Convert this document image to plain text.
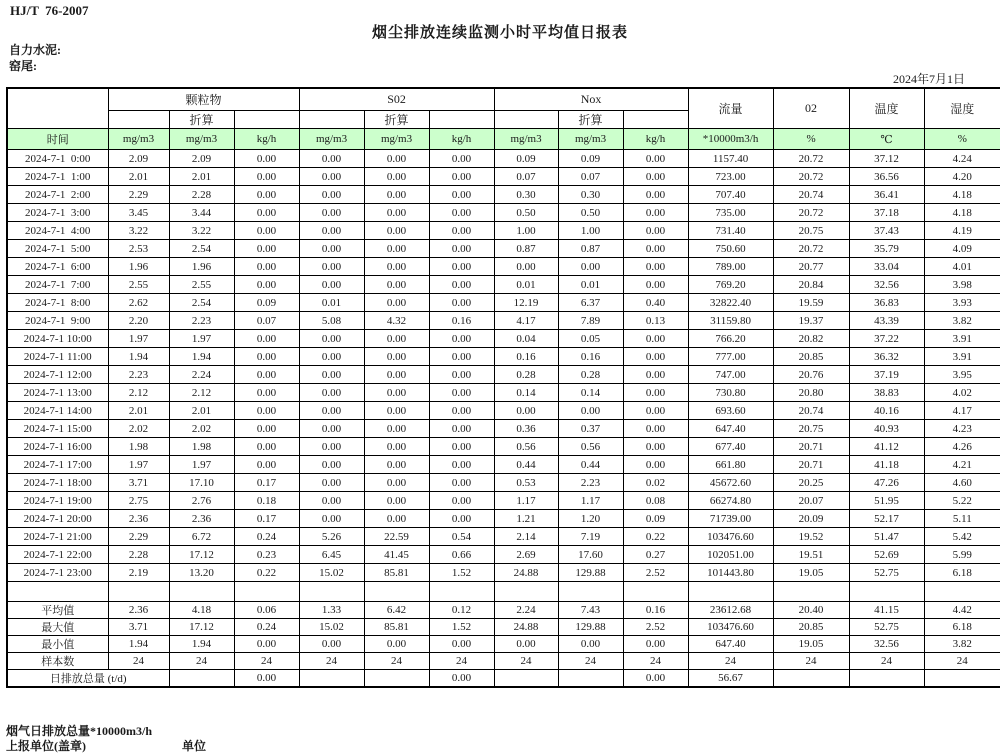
HJ/T  76-2007
烟尘排放连续监测小时平均值日报表
自力水泥:
窑尾:
2024年7月1日
	颗粒物			S02			Nox			流量	02	温度	湿度
		折算			折算			折算					
时间	mg/m3	mg/m3	kg/h	mg/m3	mg/m3	kg/h	mg/m3	mg/m3	kg/h	*10000m3/h	%	℃	%
2024-7-1  0:00	2.09	2.09	0.00	0.00	0.00	0.00	0.09	0.09	0.00	1157.40	20.72	37.12	4.24
2024-7-1  1:00	2.01	2.01	0.00	0.00	0.00	0.00	0.07	0.07	0.00	723.00	20.72	36.56	4.20
2024-7-1  2:00	2.29	2.28	0.00	0.00	0.00	0.00	0.30	0.30	0.00	707.40	20.74	36.41	4.18
2024-7-1  3:00	3.45	3.44	0.00	0.00	0.00	0.00	0.50	0.50	0.00	735.00	20.72	37.18	4.18
2024-7-1  4:00	3.22	3.22	0.00	0.00	0.00	0.00	1.00	1.00	0.00	731.40	20.75	37.43	4.19
2024-7-1  5:00	2.53	2.54	0.00	0.00	0.00	0.00	0.87	0.87	0.00	750.60	20.72	35.79	4.09
2024-7-1  6:00	1.96	1.96	0.00	0.00	0.00	0.00	0.00	0.00	0.00	789.00	20.77	33.04	4.01
2024-7-1  7:00	2.55	2.55	0.00	0.00	0.00	0.00	0.01	0.01	0.00	769.20	20.84	32.56	3.98
2024-7-1  8:00	2.62	2.54	0.09	0.01	0.00	0.00	12.19	6.37	0.40	32822.40	19.59	36.83	3.93
2024-7-1  9:00	2.20	2.23	0.07	5.08	4.32	0.16	4.17	7.89	0.13	31159.80	19.37	43.39	3.82
2024-7-1 10:00	1.97	1.97	0.00	0.00	0.00	0.00	0.04	0.05	0.00	766.20	20.82	37.22	3.91
2024-7-1 11:00	1.94	1.94	0.00	0.00	0.00	0.00	0.16	0.16	0.00	777.00	20.85	36.32	3.91
2024-7-1 12:00	2.23	2.24	0.00	0.00	0.00	0.00	0.28	0.28	0.00	747.00	20.76	37.19	3.95
2024-7-1 13:00	2.12	2.12	0.00	0.00	0.00	0.00	0.14	0.14	0.00	730.80	20.80	38.83	4.02
2024-7-1 14:00	2.01	2.01	0.00	0.00	0.00	0.00	0.00	0.00	0.00	693.60	20.74	40.16	4.17
2024-7-1 15:00	2.02	2.02	0.00	0.00	0.00	0.00	0.36	0.37	0.00	647.40	20.75	40.93	4.23
2024-7-1 16:00	1.98	1.98	0.00	0.00	0.00	0.00	0.56	0.56	0.00	677.40	20.71	41.12	4.26
2024-7-1 17:00	1.97	1.97	0.00	0.00	0.00	0.00	0.44	0.44	0.00	661.80	20.71	41.18	4.21
2024-7-1 18:00	3.71	17.10	0.17	0.00	0.00	0.00	0.53	2.23	0.02	45672.60	20.25	47.26	4.60
2024-7-1 19:00	2.75	2.76	0.18	0.00	0.00	0.00	1.17	1.17	0.08	66274.80	20.07	51.95	5.22
2024-7-1 20:00	2.36	2.36	0.17	0.00	0.00	0.00	1.21	1.20	0.09	71739.00	20.09	52.17	5.11
2024-7-1 21:00	2.29	6.72	0.24	5.26	22.59	0.54	2.14	7.19	0.22	103476.60	19.52	51.47	5.42
2024-7-1 22:00	2.28	17.12	0.23	6.45	41.45	0.66	2.69	17.60	0.27	102051.00	19.51	52.69	5.99
2024-7-1 23:00	2.19	13.20	0.22	15.02	85.81	1.52	24.88	129.88	2.52	101443.80	19.05	52.75	6.18

平均值	2.36	4.18	0.06	1.33	6.42	0.12	2.24	7.43	0.16	23612.68	20.40	41.15	4.42
最大值	3.71	17.12	0.24	15.02	85.81	1.52	24.88	129.88	2.52	103476.60	20.85	52.75	6.18
最小值	1.94	1.94	0.00	0.00	0.00	0.00	0.00	0.00	0.00	647.40	19.05	32.56	3.82
样本数	24	24	24	24	24	24	24	24	24	24	24	24	24
日排放总量 (t/d)			0.00			0.00			0.00	56.67			
烟气日排放总量*10000m3/h
上报单位(盖章)	单位
